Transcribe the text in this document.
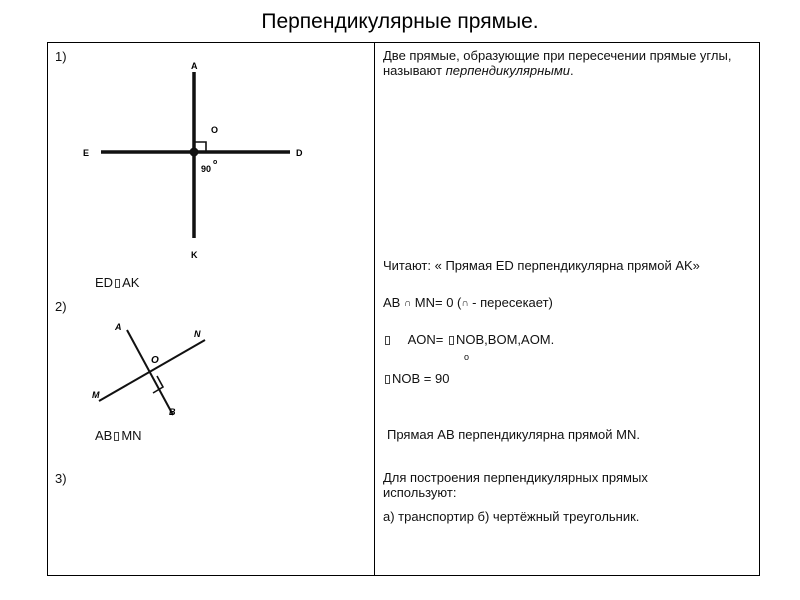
Перпендикулярные прямые.
1)
A
K
E	D
O
90
o
ED AK
2)
A
N
M
B
O
AB MN
3)
Две прямые, образующие при пересечении прямые углы, называют перпендикулярными.
Читают: « Прямая ED перпендикулярна прямой AK»
AB ∩ MN= 0 (∩ - пересекает)
AON= NOB,BOM,AOM.
o
NOB = 90
Прямая AB перпендикулярна прямой MN.
Для построения перпендикулярных прямых используют:
а) транспортир б) чертёжный треугольник.
